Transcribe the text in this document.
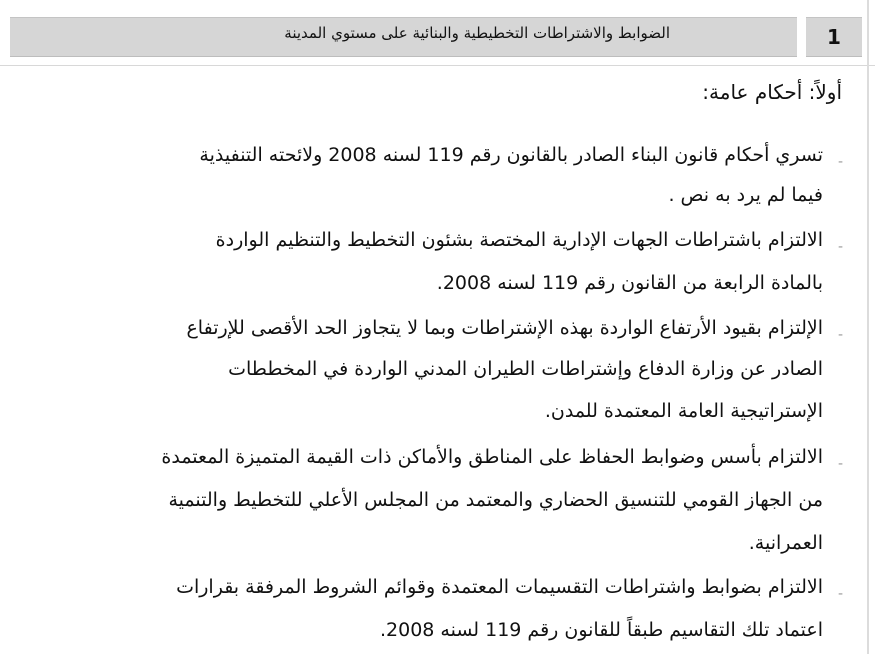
الضوابط والاشتراطات التخطيطية والبنائية على مستوي المدينة	1
أولاً: أحكام عامة:
-
تسري أحكام قانون البناء الصادر بالقانون رقم 119 لسنه 2008 ولائحته التنفيذية
فيما لم يرد به نص .
-
الالتزام باشتراطات الجهات الإدارية المختصة بشئون التخطيط والتنظيم الواردة
بالمادة الرابعة من القانون رقم 119 لسنه 2008.
-
الإلتزام بقيود الأرتفاع الواردة بهذه الإشتراطات وبما لا يتجاوز الحد الأقصى للإرتفاع
الصادر عن وزارة الدفاع وإشتراطات الطيران المدني الواردة في المخططات
الإستراتيجية العامة المعتمدة للمدن.
-
الالتزام بأسس وضوابط الحفاظ على المناطق والأماكن ذات القيمة المتميزة المعتمدة
من الجهاز القومي للتنسيق الحضاري والمعتمد من المجلس الأعلي للتخطيط والتنمية
العمرانية.
-
الالتزام بضوابط واشتراطات التقسيمات المعتمدة وقوائم الشروط المرفقة بقرارات
اعتماد تلك التقاسيم طبقاً للقانون رقم 119 لسنه 2008.
